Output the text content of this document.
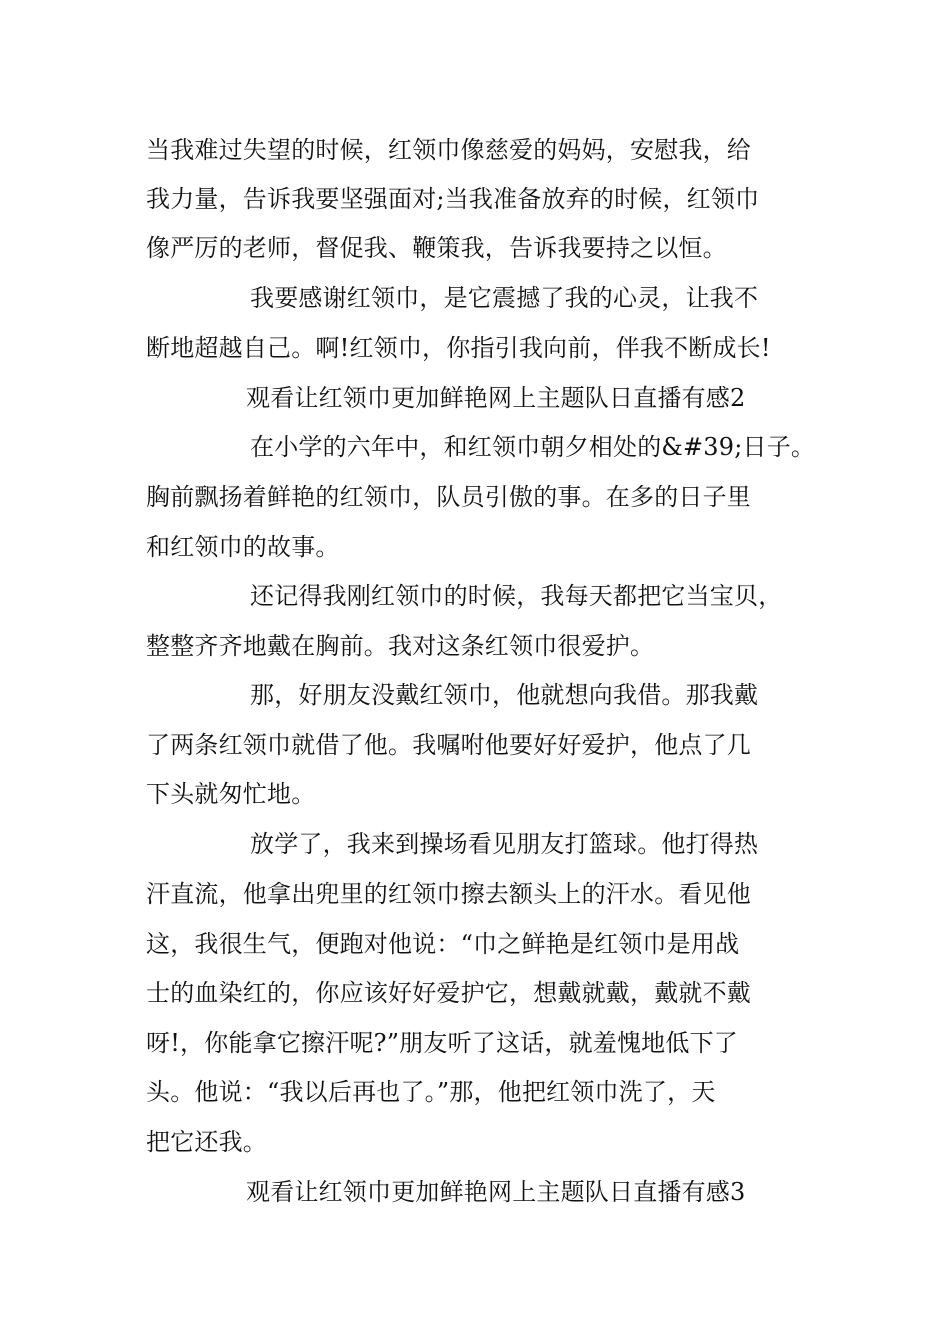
当我难过失望的时候，红领巾像慈爱的妈妈，安慰我，给
我力量，告诉我要坚强面对;当我准备放弃的时候，红领巾
像严厉的老师，督促我、鞭策我，告诉我要持之以恒。
我要感谢红领巾，是它震撼了我的心灵，让我不
断地超越自己。啊!红领巾，你指引我向前，伴我不断成长!
观看让红领巾更加鲜艳网上主题队日直播有感2
在小学的六年中，和红领巾朝夕相处的&#39;日子。
胸前飘扬着鲜艳的红领巾，队员引傲的事。在多的日子里
和红领巾的故事。
还记得我刚红领巾的时候，我每天都把它当宝贝，
整整齐齐地戴在胸前。我对这条红领巾很爱护。
那，好朋友没戴红领巾，他就想向我借。那我戴
了两条红领巾就借了他。我嘱咐他要好好爱护，他点了几
下头就匆忙地。
放学了，我来到操场看见朋友打篮球。他打得热
汗直流，他拿出兜里的红领巾擦去额头上的汗水。看见他
这，我很生气，便跑对他说：“巾之鲜艳是红领巾是用战
士的血染红的，你应该好好爱护它，想戴就戴，戴就不戴
呀!，你能拿它擦汗呢?”朋友听了这话，就羞愧地低下了
头。他说：“我以后再也了。”那，他把红领巾洗了，天
把它还我。
观看让红领巾更加鲜艳网上主题队日直播有感3
